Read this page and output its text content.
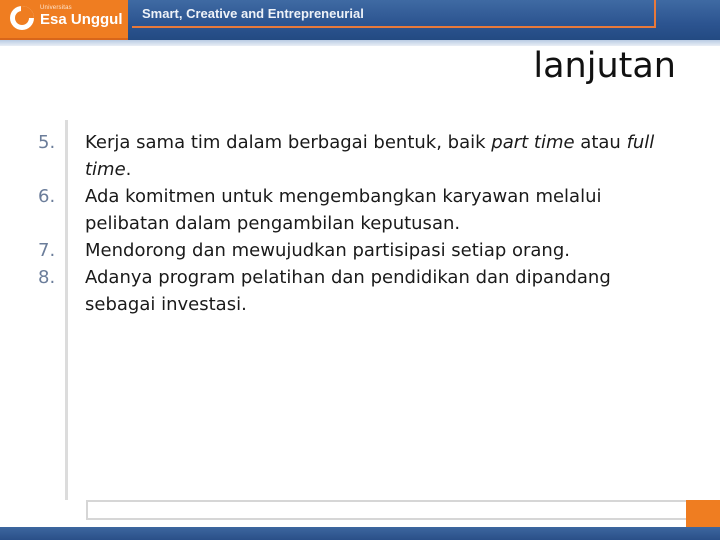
Universitas
Esa Unggul Smart, Creative and Entrepreneurial
lanjutan
5.	Kerja sama tim dalam berbagai bentuk, baik part time atau full time.
6.	Ada komitmen untuk mengembangkan karyawan melalui pelibatan dalam pengambilan keputusan.
7.	Mendorong dan mewujudkan partisipasi setiap orang.
8.	Adanya program pelatihan dan pendidikan dan dipandang sebagai investasi.
